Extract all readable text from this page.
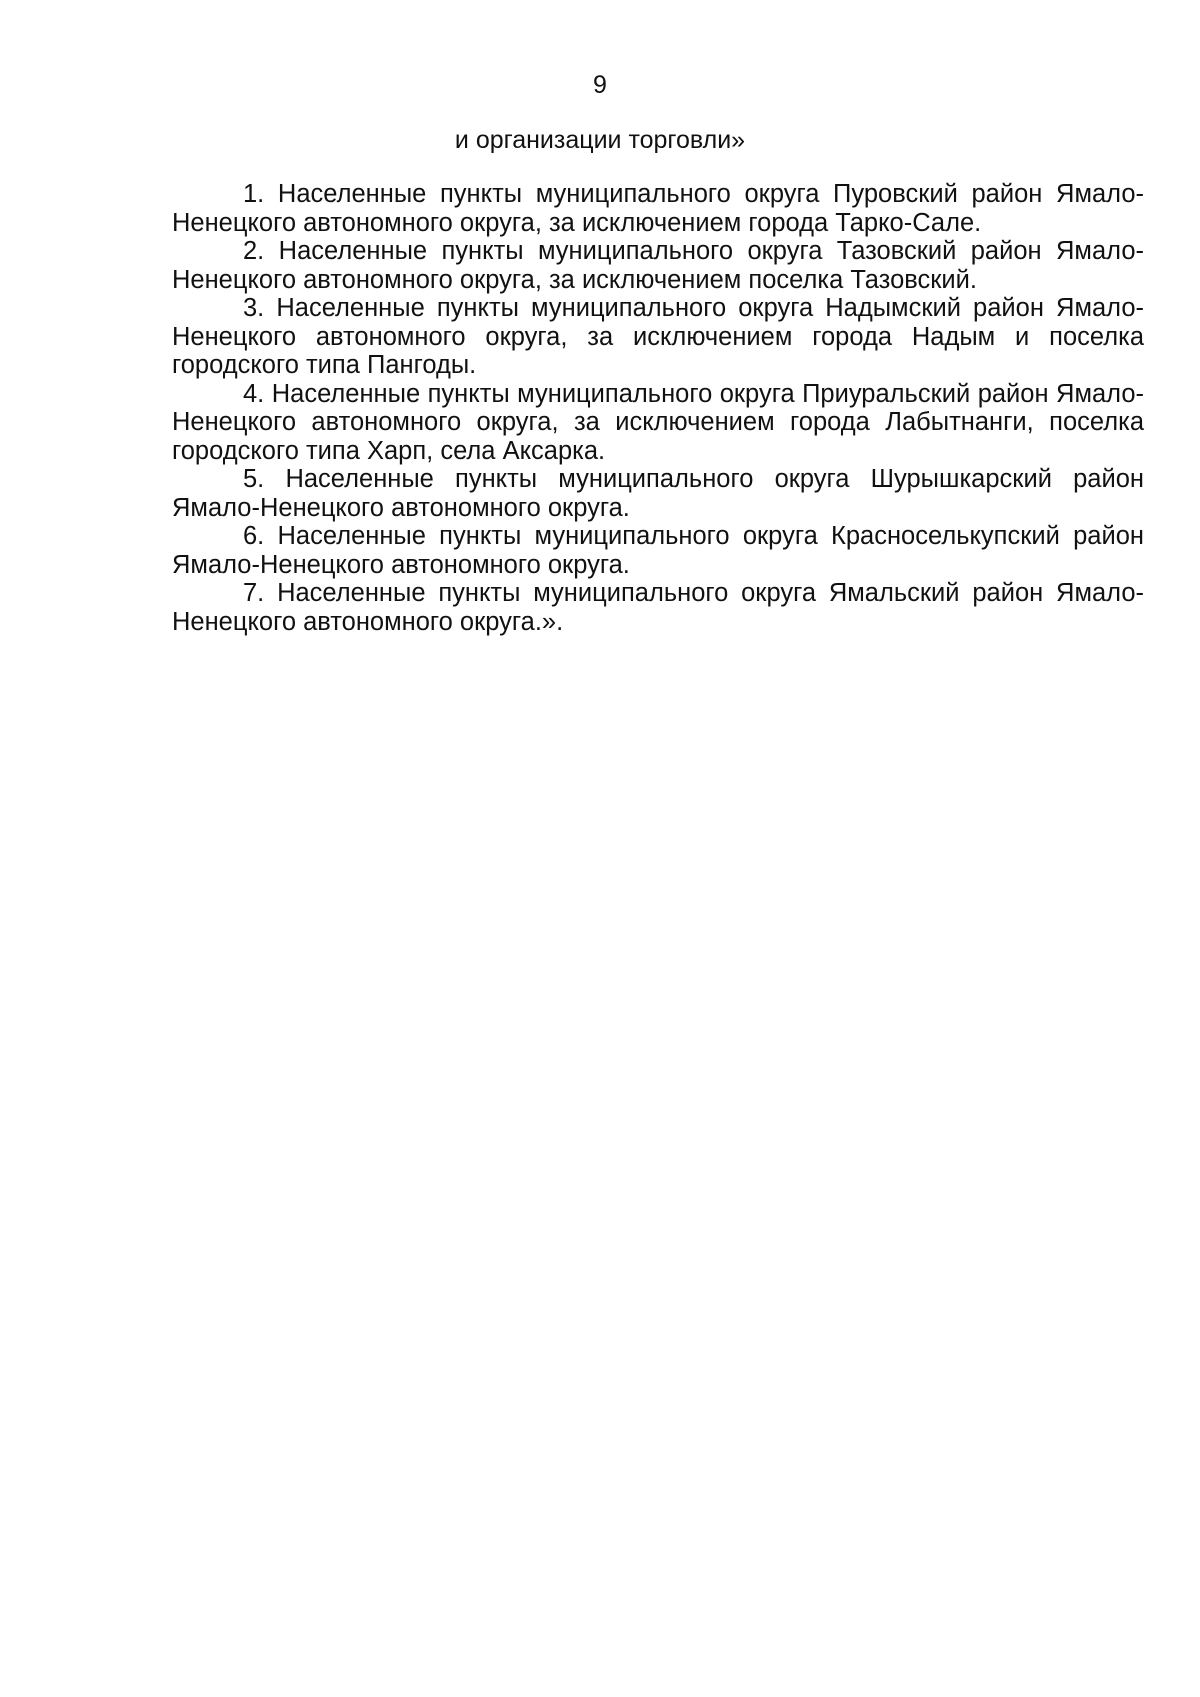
9
и организации торговли»
1. Населенные пункты муниципального округа Пуровский район Ямало-Ненецкого автономного округа, за исключением города Тарко-Сале.
2. Населенные пункты муниципального округа Тазовский район Ямало-Ненецкого автономного округа, за исключением поселка Тазовский.
3. Населенные пункты муниципального округа Надымский район Ямало-Ненецкого автономного округа, за исключением города Надым и поселка городского типа Пангоды.
4. Населенные пункты муниципального округа Приуральский район Ямало-Ненецкого автономного округа, за исключением города Лабытнанги, поселка городского типа Харп, села Аксарка.
5. Населенные пункты муниципального округа Шурышкарский район Ямало-Ненецкого автономного округа.
6. Населенные пункты муниципального округа Красноселькупский район Ямало-Ненецкого автономного округа.
7. Населенные пункты муниципального округа Ямальский район Ямало-Ненецкого автономного округа.».
